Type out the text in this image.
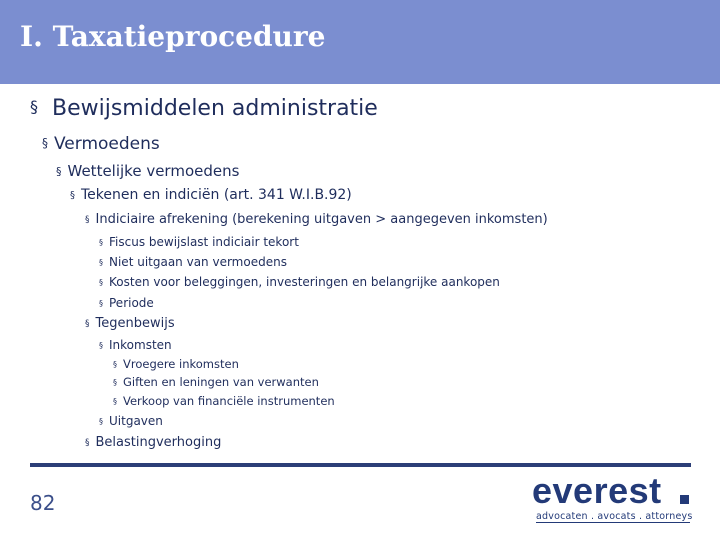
I. Taxatieprocedure
§ Bewijsmiddelen administratie
§ Vermoedens
§ Wettelijke vermoedens
§ Tekenen en indiciën (art. 341 W.I.B.92)
§ Indiciaire afrekening (berekening uitgaven > aangegeven inkomsten)
§ Fiscus bewijslast indiciair tekort
§ Niet uitgaan van vermoedens
§ Kosten voor beleggingen, investeringen en belangrijke aankopen
§ Periode
§ Tegenbewijs
§ Inkomsten
§ Vroegere inkomsten
§ Giften en leningen van verwanten
§ Verkoop van financiële instrumenten
§ Uitgaven
§ Belastingverhoging
82	everest
advocaten . avocats . attorneys
